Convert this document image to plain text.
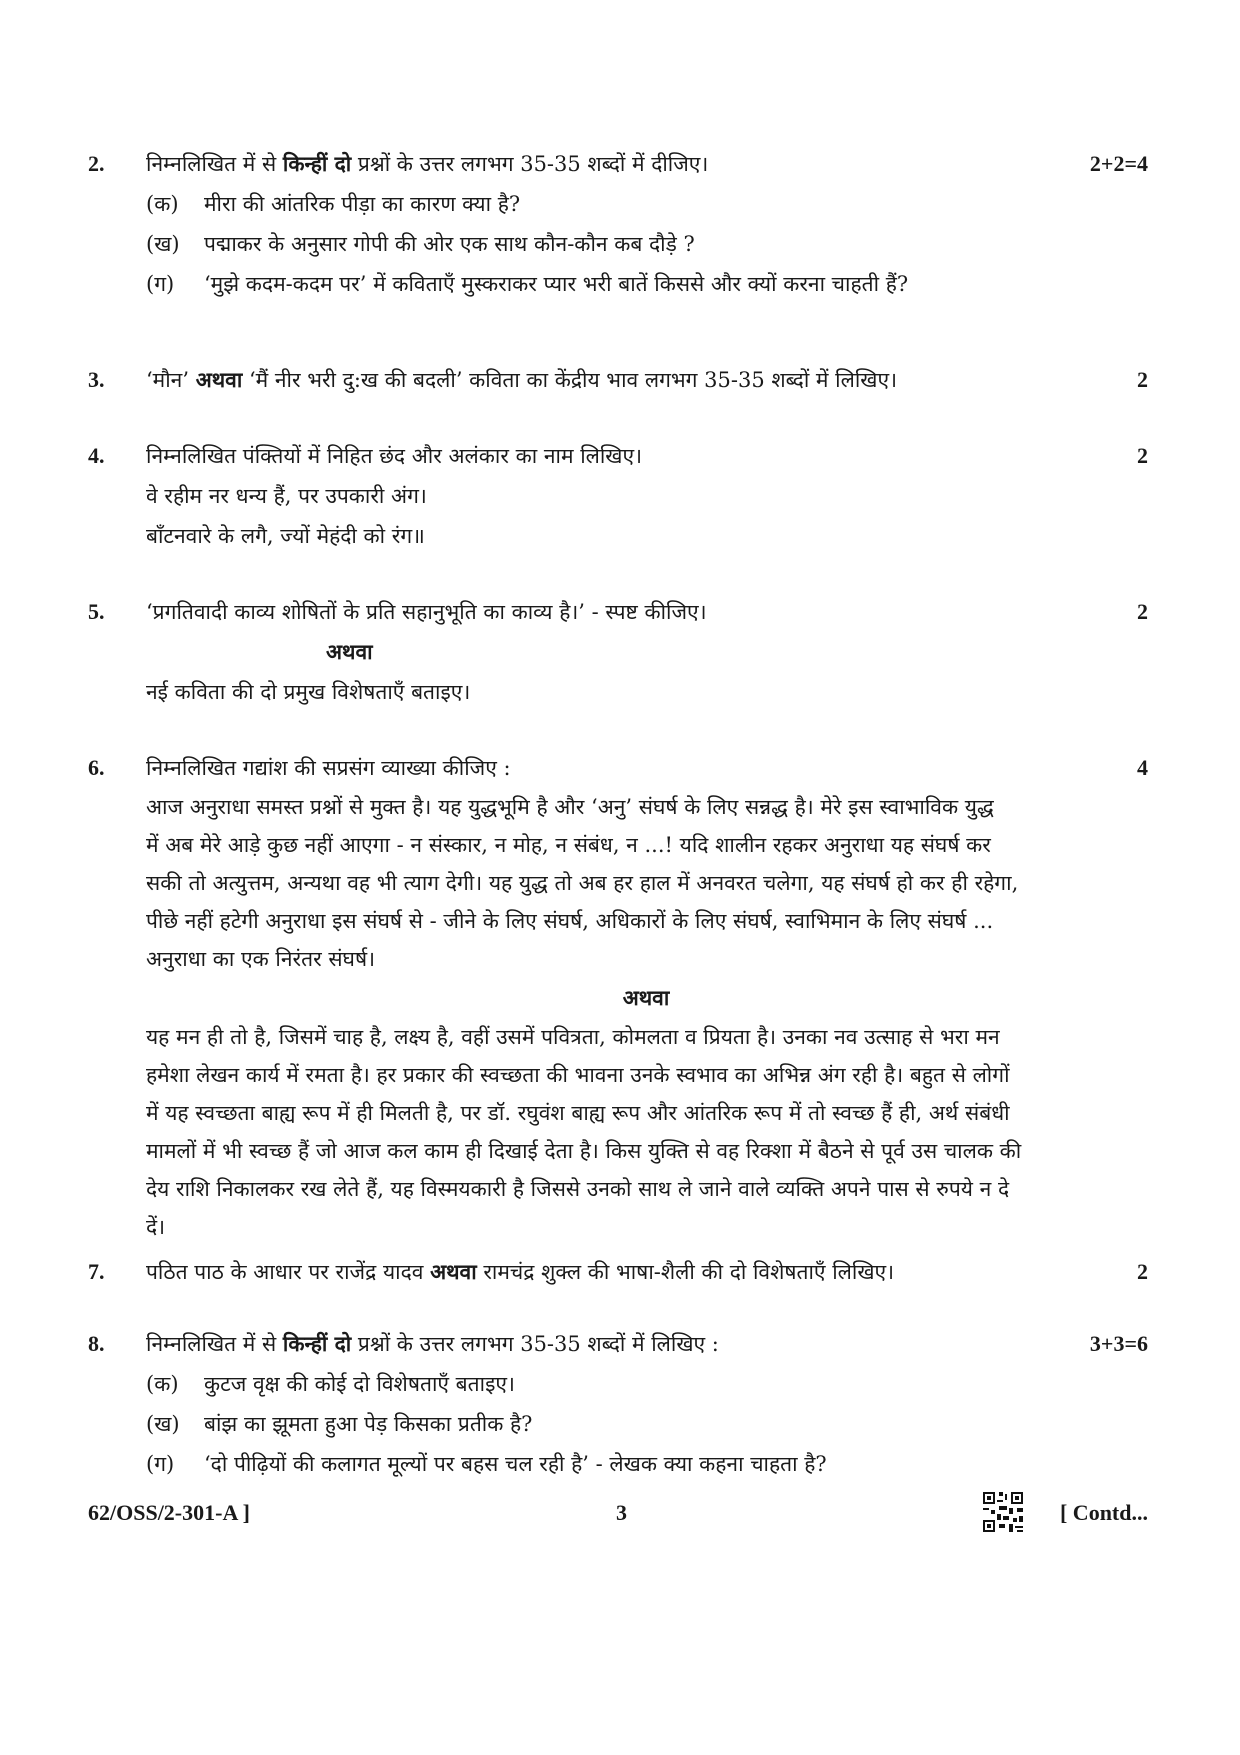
2.	2+2=4
निम्नलिखित में से किन्हीं दो प्रश्नों के उत्तर लगभग 35-35 शब्दों में दीजिए।
(क) मीरा की आंतरिक पीड़ा का कारण क्या है?
(ख) पद्माकर के अनुसार गोपी की ओर एक साथ कौन-कौन कब दौड़े ?
(ग) ‘मुझे कदम-कदम पर’ में कविताएँ मुस्कराकर प्यार भरी बातें किससे और क्यों करना चाहती हैं?
3.	2
‘मौन’ अथवा ‘मैं नीर भरी दु:ख की बदली’ कविता का केंद्रीय भाव लगभग 35-35 शब्दों में लिखिए।
4.	2
निम्नलिखित पंक्तियों में निहित छंद और अलंकार का नाम लिखिए।
वे रहीम नर धन्य हैं, पर उपकारी अंग।
बाँटनवारे के लगै, ज्यों मेहंदी को रंग॥
5.	2
‘प्रगतिवादी काव्य शोषितों के प्रति सहानुभूति का काव्य है।’ - स्पष्ट कीजिए।
अथवा
नई कविता की दो प्रमुख विशेषताएँ बताइए।
6.	4
निम्नलिखित गद्यांश की सप्रसंग व्याख्या कीजिए :
आज अनुराधा समस्त प्रश्नों से मुक्त है। यह युद्धभूमि है और ‘अनु’ संघर्ष के लिए सन्नद्ध है। मेरे इस स्वाभाविक युद्ध
में अब मेरे आड़े कुछ नहीं आएगा - न संस्कार, न मोह, न संबंध, न ...! यदि शालीन रहकर अनुराधा यह संघर्ष कर
सकी तो अत्युत्तम, अन्यथा वह भी त्याग देगी। यह युद्ध तो अब हर हाल में अनवरत चलेगा, यह संघर्ष हो कर ही रहेगा,
पीछे नहीं हटेगी अनुराधा इस संघर्ष से - जीने के लिए संघर्ष, अधिकारों के लिए संघर्ष, स्वाभिमान के लिए संघर्ष ...
अनुराधा का एक निरंतर संघर्ष।
अथवा
यह मन ही तो है, जिसमें चाह है, लक्ष्य है, वहीं उसमें पवित्रता, कोमलता व प्रियता है। उनका नव उत्साह से भरा मन
हमेशा लेखन कार्य में रमता है। हर प्रकार की स्वच्छता की भावना उनके स्वभाव का अभिन्न अंग रही है। बहुत से लोगों
में यह स्वच्छता बाह्य रूप में ही मिलती है, पर डॉ. रघुवंश बाह्य रूप और आंतरिक रूप में तो स्वच्छ हैं ही, अर्थ संबंधी
मामलों में भी स्वच्छ हैं जो आज कल काम ही दिखाई देता है। किस युक्ति से वह रिक्शा में बैठने से पूर्व उस चालक की
देय राशि निकालकर रख लेते हैं, यह विस्मयकारी है जिससे उनको साथ ले जाने वाले व्यक्ति अपने पास से रुपये न दे
दें।
7.	2
पठित पाठ के आधार पर राजेंद्र यादव अथवा रामचंद्र शुक्ल की भाषा-शैली की दो विशेषताएँ लिखिए।
8.	3+3=6
निम्नलिखित में से किन्हीं दो प्रश्नों के उत्तर लगभग 35-35 शब्दों में लिखिए :
(क) कुटज वृक्ष की कोई दो विशेषताएँ बताइए।
(ख) बांझ का झूमता हुआ पेड़ किसका प्रतीक है?
(ग) ‘दो पीढ़ियों की कलागत मूल्यों पर बहस चल रही है’ - लेखक क्या कहना चाहता है?
62/OSS/2-301-A ]	3	[ Contd...
